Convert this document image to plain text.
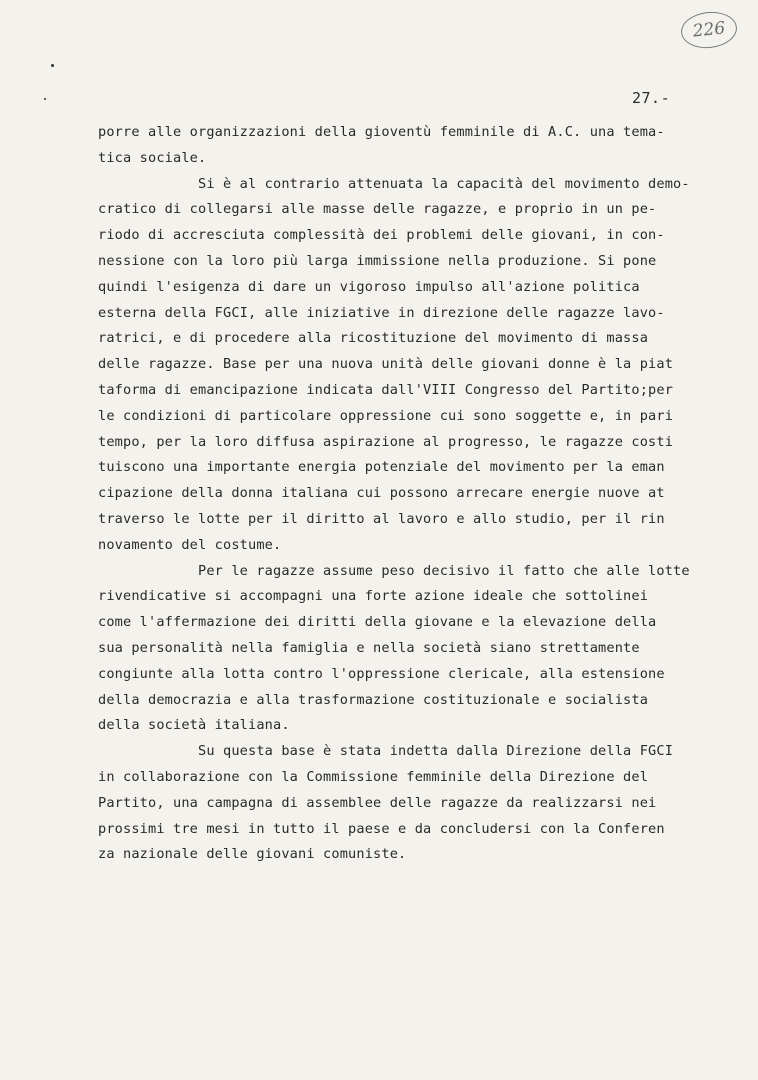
226
27.-
porre alle organizzazioni della gioventù femminile di A.C. una tema-
tica sociale.
Si è al contrario attenuata la capacità del movimento demo-
cratico di collegarsi alle masse delle ragazze, e proprio in un pe-
riodo di accresciuta complessità dei problemi delle giovani, in con-
nessione con la loro più larga immissione nella produzione. Si pone
quindi l'esigenza di dare un vigoroso impulso all'azione politica
esterna della FGCI, alle iniziative in direzione delle ragazze lavo-
ratrici, e di procedere alla ricostituzione del movimento di massa
delle ragazze. Base per una nuova unità delle giovani donne è la piat
taforma di emancipazione indicata dall'VIII Congresso del Partito;per
le condizioni di particolare oppressione cui sono soggette e, in pari
tempo, per la loro diffusa aspirazione al progresso, le ragazze costi
tuiscono una importante energia potenziale del movimento per la eman
cipazione della donna italiana cui possono arrecare energie nuove at
traverso le lotte per il diritto al lavoro e allo studio, per il rin
novamento del costume.
Per le ragazze assume peso decisivo il fatto che alle lotte
rivendicative si accompagni una forte azione ideale che sottolinei
come l'affermazione dei diritti della giovane e la elevazione della
sua personalità nella famiglia e nella società siano strettamente
congiunte alla lotta contro l'oppressione clericale, alla estensione
della democrazia e alla trasformazione costituzionale e socialista
della società italiana.
Su questa base è stata indetta dalla Direzione della FGCI
in collaborazione con la Commissione femminile della Direzione del
Partito, una campagna di assemblee delle ragazze da realizzarsi nei
prossimi tre mesi in tutto il paese e da concludersi con la Conferen
za nazionale delle giovani comuniste.
